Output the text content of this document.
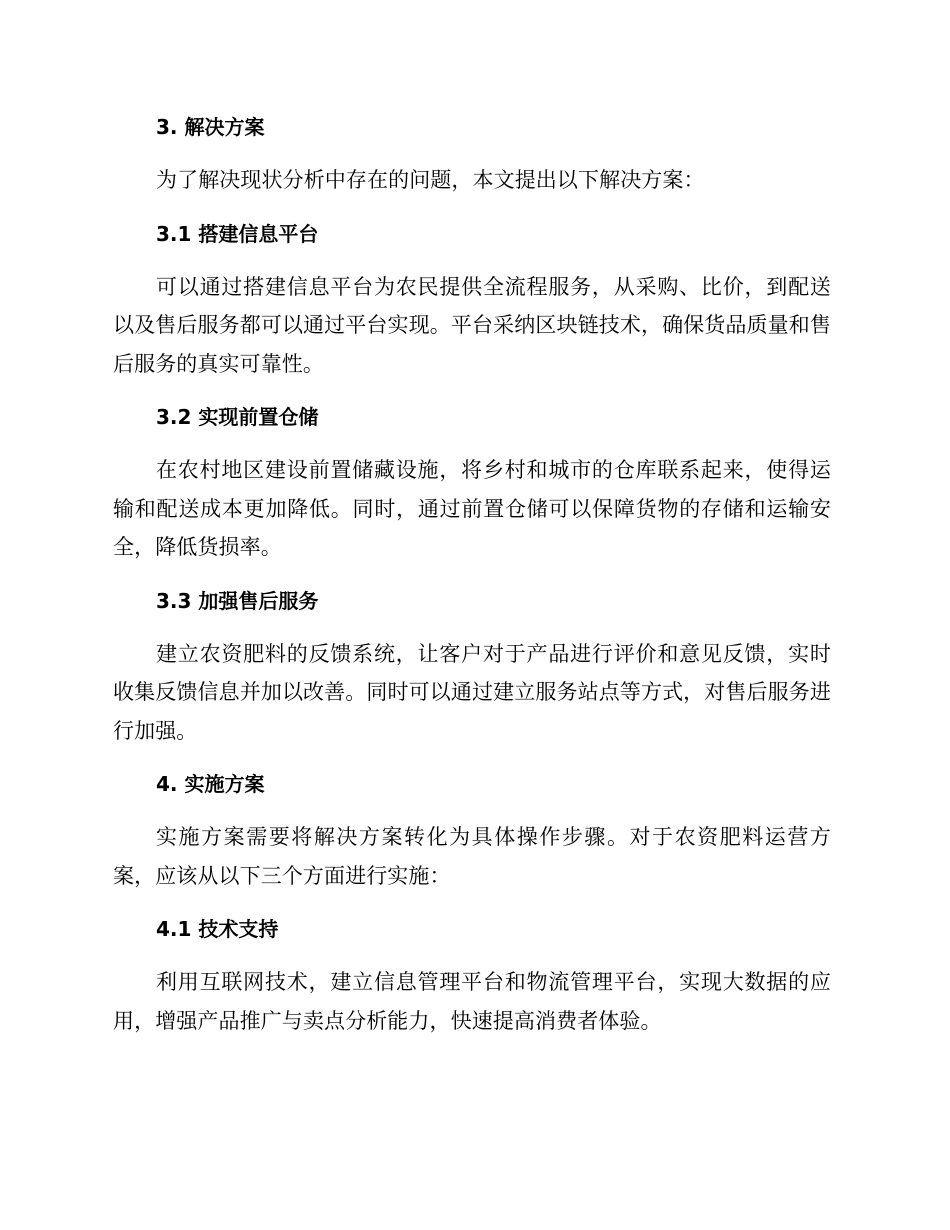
3. 解决方案

为了解决现状分析中存在的问题，本文提出以下解决方案：

3.1 搭建信息平台

可以通过搭建信息平台为农民提供全流程服务，从采购、比价，到配送以及售后服务都可以通过平台实现。平台采纳区块链技术，确保货品质量和售后服务的真实可靠性。

3.2 实现前置仓储

在农村地区建设前置储藏设施，将乡村和城市的仓库联系起来，使得运输和配送成本更加降低。同时，通过前置仓储可以保障货物的存储和运输安全，降低货损率。

3.3 加强售后服务

建立农资肥料的反馈系统，让客户对于产品进行评价和意见反馈，实时收集反馈信息并加以改善。同时可以通过建立服务站点等方式，对售后服务进行加强。

4. 实施方案

实施方案需要将解决方案转化为具体操作步骤。对于农资肥料运营方案，应该从以下三个方面进行实施：

4.1 技术支持

利用互联网技术，建立信息管理平台和物流管理平台，实现大数据的应用，增强产品推广与卖点分析能力，快速提高消费者体验。
